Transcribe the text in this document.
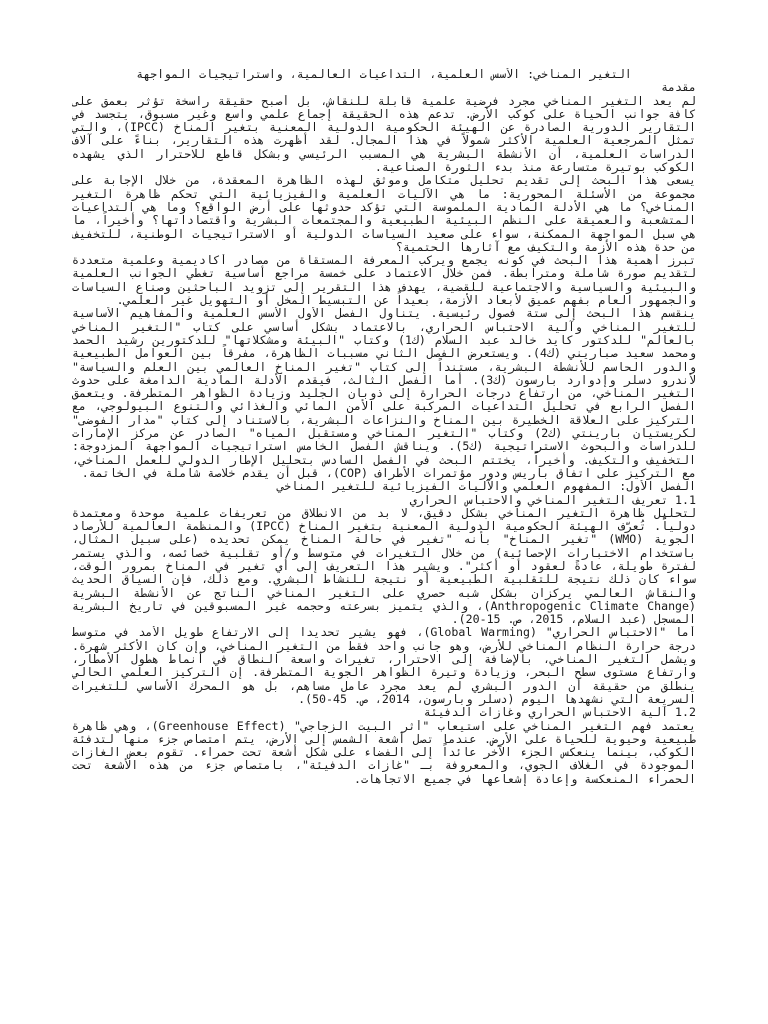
التغير المناخي: الأسس العلمية، التداعيات العالمية، واستراتيجيات المواجهة

مقدمة

لم يعد التغير المناخي مجرد فرضية علمية قابلة للنقاش، بل أصبح حقيقة راسخة تؤثر بعمق على كافة جوانب الحياة على كوكب الأرض. تدعم هذه الحقيقة إجماع علمي واسع وغير مسبوق، يتجسد في التقارير الدورية الصادرة عن الهيئة الحكومية الدولية المعنية بتغير المناخ (IPCC)، والتي تمثل المرجعية العلمية الأكثر شمولاً في هذا المجال. لقد أظهرت هذه التقارير، بناءً على آلاف الدراسات العلمية، أن الأنشطة البشرية هي المسبب الرئيسي وبشكل قاطع للاحترار الذي يشهده الكوكب بوتيرة متسارعة منذ بدء الثورة الصناعية.

يسعى هذا البحث إلى تقديم تحليل متكامل وموثق لهذه الظاهرة المعقدة، من خلال الإجابة على مجموعة من الأسئلة المحورية: ما هي الآليات العلمية والفيزيائية التي تحكم ظاهرة التغير المناخي؟ ما هي الأدلة المادية الملموسة التي تؤكد حدوثها على أرض الواقع؟ وما هي التداعيات المتشعبة والعميقة على النظم البيئية الطبيعية والمجتمعات البشرية واقتصاداتها؟ وأخيراً، ما هي سبل المواجهة الممكنة، سواء على صعيد السياسات الدولية أو الاستراتيجيات الوطنية، للتخفيف من حدة هذه الأزمة والتكيف مع آثارها الحتمية؟

تبرز أهمية هذا البحث في كونه يجمع ويركب المعرفة المستقاة من مصادر أكاديمية وعلمية متعددة لتقديم صورة شاملة ومترابطة. فمن خلال الاعتماد على خمسة مراجع أساسية تغطي الجوانب العلمية والبيئية والسياسية والاجتماعية للقضية، يهدف هذا التقرير إلى تزويد الباحثين وصناع السياسات والجمهور العام بفهم عميق لأبعاد الأزمة، بعيداً عن التبسيط المخل أو التهويل غير العلمي.

ينقسم هذا البحث إلى ستة فصول رئيسية. يتناول الفصل الأول الأسس العلمية والمفاهيم الأساسية للتغير المناخي وآلية الاحتباس الحراري، بالاعتماد بشكل أساسي على كتاب "التغير المناخي بالعالم" للدكتور كايد خالد عبد السلام (ك1) وكتاب "البيئة ومشكلاتها" للدكتورين رشيد الحمد ومحمد سعيد صباريني (ك4). ويستعرض الفصل الثاني مسببات الظاهرة، مفرقاً بين العوامل الطبيعية والدور الحاسم للأنشطة البشرية، مستنداً إلى كتاب "تغير المناخ العالمي بين العلم والسياسة" لأندرو دسلر وإدوارد بارسون (ك3). أما الفصل الثالث، فيقدم الأدلة المادية الدامغة على حدوث التغير المناخي، من ارتفاع درجات الحرارة إلى ذوبان الجليد وزيادة الظواهر المتطرفة. ويتعمق الفصل الرابع في تحليل التداعيات المركبة على الأمن المائي والغذائي والتنوع البيولوجي، مع التركيز على العلاقة الخطيرة بين المناخ والنزاعات البشرية، بالاستناد إلى كتاب "مدار الفوضى" لكريستيان بارينتي (ك2) وكتاب "التغير المناخي ومستقبل المياه" الصادر عن مركز الإمارات للدراسات والبحوث الاستراتيجية (ك5). ويناقش الفصل الخامس استراتيجيات المواجهة المزدوجة: التخفيف والتكيف. وأخيراً، يختتم البحث في الفصل السادس بتحليل الإطار الدولي للعمل المناخي، مع التركيز على اتفاق باريس ودور مؤتمرات الأطراف (COP)، قبل أن يقدم خلاصة شاملة في الخاتمة.

الفصل الأول: المفهوم العلمي والآليات الفيزيائية للتغير المناخي

1.1 تعريف التغير المناخي والاحتباس الحراري

لتحليل ظاهرة التغير المناخي بشكل دقيق، لا بد من الانطلاق من تعريفات علمية موحدة ومعتمدة دولياً. تُعرّف الهيئة الحكومية الدولية المعنية بتغير المناخ (IPCC) والمنظمة العالمية للأرصاد الجوية (WMO) "تغير المناخ" بأنه "تغير في حالة المناخ يمكن تحديده (على سبيل المثال، باستخدام الاختبارات الإحصائية) من خلال التغيرات في متوسط و/أو تقلبية خصائصه، والذي يستمر لفترة طويلة، عادةً لعقود أو أكثر". ويشير هذا التعريف إلى أي تغير في المناخ بمرور الوقت، سواء كان ذلك نتيجة للتقلبية الطبيعية أو نتيجة للنشاط البشري. ومع ذلك، فإن السياق الحديث والنقاش العالمي يركزان بشكل شبه حصري على التغير المناخي الناتج عن الأنشطة البشرية (Anthropogenic Climate Change)، والذي يتميز بسرعته وحجمه غير المسبوقين في تاريخ البشرية المسجل (عبد السلام، 2015، ص. 15-20).

أما "الاحتباس الحراري" (Global Warming)، فهو يشير تحديداً إلى الارتفاع طويل الأمد في متوسط درجة حرارة النظام المناخي للأرض، وهو جانب واحد فقط من التغير المناخي، وإن كان الأكثر شهرة. ويشمل التغير المناخي، بالإضافة إلى الاحترار، تغيرات واسعة النطاق في أنماط هطول الأمطار، وارتفاع مستوى سطح البحر، وزيادة وتيرة الظواهر الجوية المتطرفة. إن التركيز العلمي الحالي ينطلق من حقيقة أن الدور البشري لم يعد مجرد عامل مساهم، بل هو المحرك الأساسي للتغيرات السريعة التي نشهدها اليوم (دسلر وبارسون، 2014، ص. 45-50).

1.2 آلية الاحتباس الحراري وغازات الدفيئة

يعتمد فهم التغير المناخي على استيعاب "أثر البيت الزجاجي" (Greenhouse Effect)، وهي ظاهرة طبيعية وحيوية للحياة على الأرض. عندما تصل أشعة الشمس إلى الأرض، يتم امتصاص جزء منها لتدفئة الكوكب، بينما ينعكس الجزء الآخر عائداً إلى الفضاء على شكل أشعة تحت حمراء. تقوم بعض الغازات الموجودة في الغلاف الجوي، والمعروفة بـ "غازات الدفيئة"، بامتصاص جزء من هذه الأشعة تحت الحمراء المنعكسة وإعادة إشعاعها في جميع الاتجاهات.
